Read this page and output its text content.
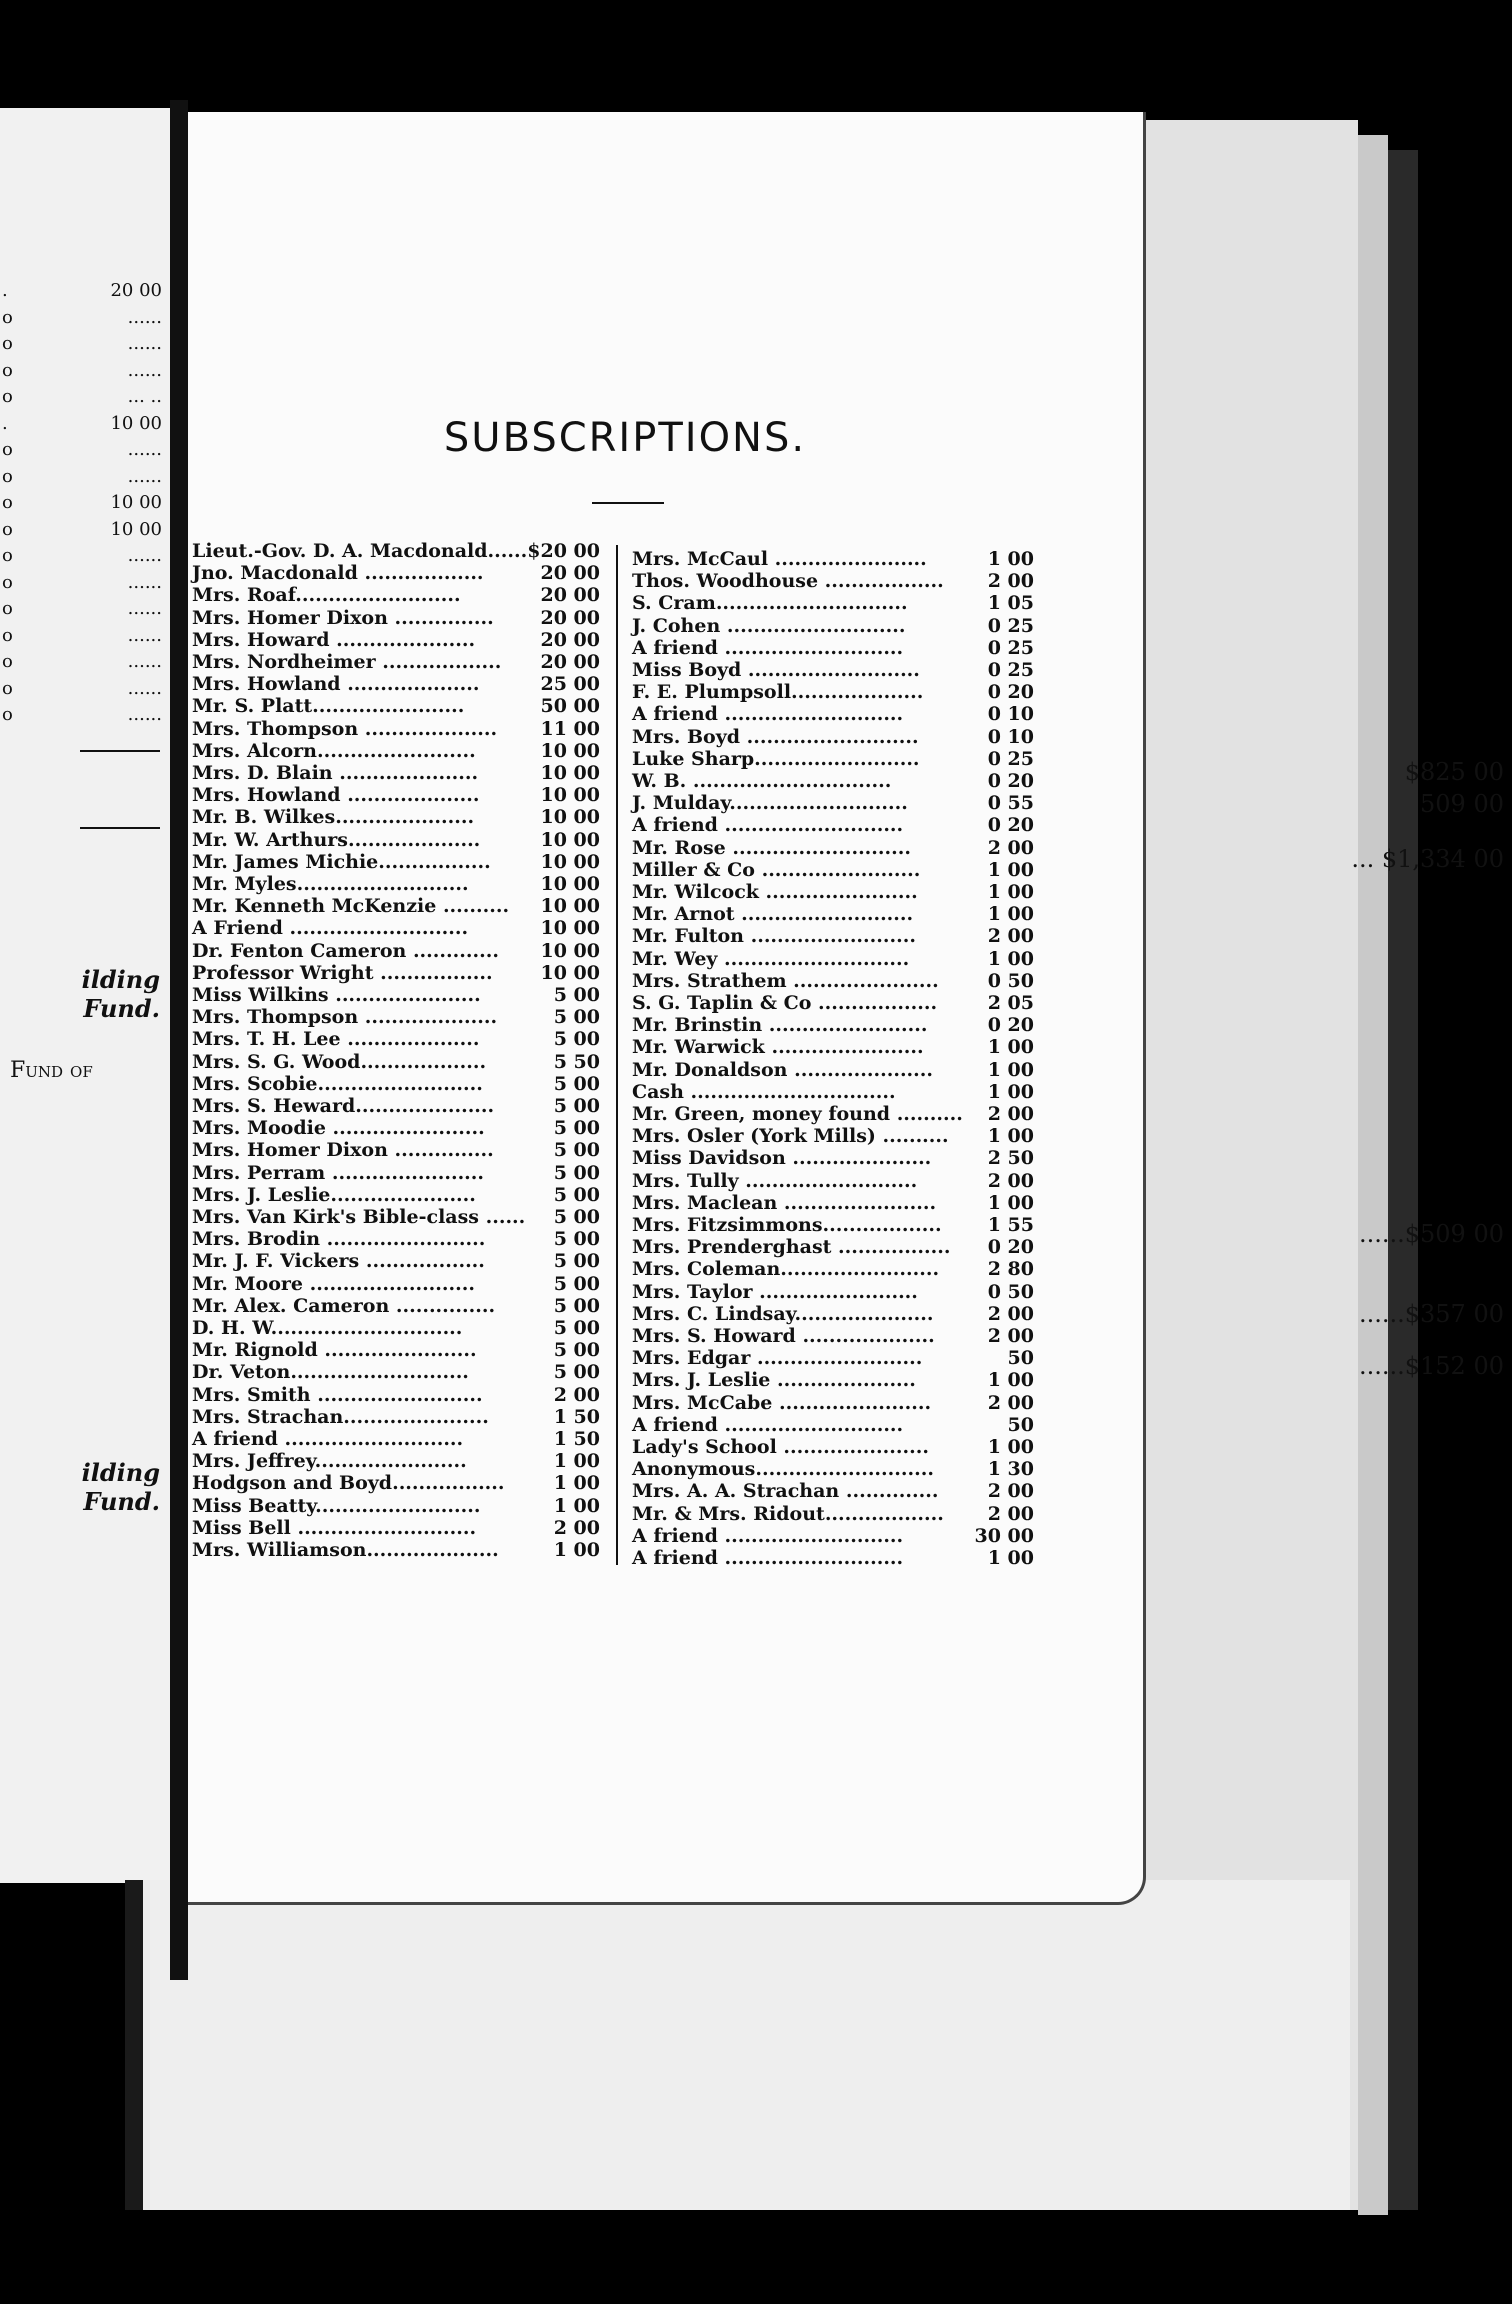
.	20 00
o	......
o	......
o	......
o	... ..
.	10 00
o	......
o	......
o	10 00
o	10 00
o	......
o	......
o	......
o	......
o	......
o	......
o	......
$825 00
509 00
... $1,334 00
ilding Fund.
Fund of
......$509 00
......$357 00
......$152 00
ilding Fund.
SUBSCRIPTIONS.
Lieut.-Gov. D. A. Macdonald...... $20 00
Jno. Macdonald ..................	20 00
Mrs. Roaf.........................	20 00
Mrs. Homer Dixon ............... 20 00
Mrs. Howard .....................	20 00
Mrs. Nordheimer .................. 20 00
Mrs. Howland ....................	25 00
Mr. S. Platt.......................	50 00
Mrs. Thompson .................... 11 00
Mrs. Alcorn........................	10 00
Mrs. D. Blain .....................	10 00
Mrs. Howland ....................	10 00
Mr. B. Wilkes.....................	10 00
Mr. W. Arthurs....................	10 00
Mr. James Michie.................	10 00
Mr. Myles..........................	10 00
Mr. Kenneth McKenzie .......... 10 00
A Friend ...........................	10 00
Dr. Fenton Cameron ............. 10 00
Professor Wright .................	10 00
Miss Wilkins ......................	5 00
Mrs. Thompson ....................	5 00
Mrs. T. H. Lee ....................	5 00
Mrs. S. G. Wood...................	5 50
Mrs. Scobie.........................	5 00
Mrs. S. Heward.....................	5 00
Mrs. Moodie .......................	5 00
Mrs. Homer Dixon ...............	5 00
Mrs. Perram .......................	5 00
Mrs. J. Leslie......................	5 00
Mrs. Van Kirk's Bible-class ...... 5 00
Mrs. Brodin ........................	5 00
Mr. J. F. Vickers ..................	5 00
Mr. Moore .........................	5 00
Mr. Alex. Cameron ...............	5 00
D. H. W.............................	5 00
Mr. Rignold .......................	5 00
Dr. Veton...........................	5 00
Mrs. Smith .........................	2 00
Mrs. Strachan......................	1 50
A friend ...........................	1 50
Mrs. Jeffrey.......................	1 00
Hodgson and Boyd.................	1 00
Miss Beatty.........................	1 00
Miss Bell ...........................	2 00
Mrs. Williamson....................	1 00
Mrs. McCaul .......................	1 00
Thos. Woodhouse .................. 2 00
S. Cram.............................	1 05
J. Cohen ...........................	0 25
A friend ...........................	0 25
Miss Boyd ..........................	0 25
F. E. Plumpsoll....................	0 20
A friend ...........................	0 10
Mrs. Boyd ..........................	0 10
Luke Sharp.........................	0 25
W. B. ..............................	0 20
J. Mulday...........................	0 55
A friend ...........................	0 20
Mr. Rose ...........................	2 00
Miller & Co ........................	1 00
Mr. Wilcock .......................	1 00
Mr. Arnot ..........................	1 00
Mr. Fulton .........................	2 00
Mr. Wey ............................	1 00
Mrs. Strathem ......................	0 50
S. G. Taplin & Co ..................	2 05
Mr. Brinstin ........................	0 20
Mr. Warwick .......................	1 00
Mr. Donaldson .....................	1 00
Cash ...............................	1 00
Mr. Green, money found .......... 2 00
Mrs. Osler (York Mills) .......... 1 00
Miss Davidson .....................	2 50
Mrs. Tully ..........................	2 00
Mrs. Maclean .......................	1 00
Mrs. Fitzsimmons.................. 1 55
Mrs. Prenderghast ................. 0 20
Mrs. Coleman........................	2 80
Mrs. Taylor ........................	0 50
Mrs. C. Lindsay.....................	2 00
Mrs. S. Howard ....................	2 00
Mrs. Edgar .........................	50
Mrs. J. Leslie .....................	1 00
Mrs. McCabe .......................	2 00
A friend ...........................	50
Lady's School ......................	1 00
Anonymous...........................	1 30
Mrs. A. A. Strachan ..............	2 00
Mr. & Mrs. Ridout.................. 2 00
A friend ...........................	30 00
A friend ...........................	1 00
